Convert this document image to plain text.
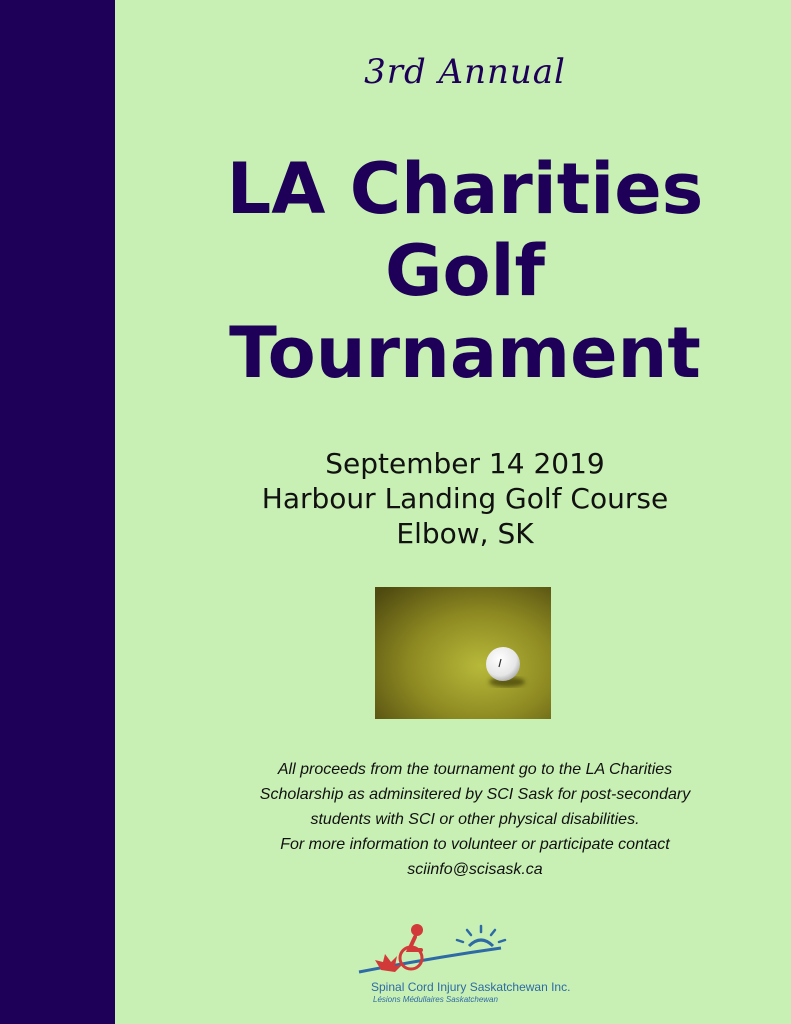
3rd Annual
LA Charities
Golf
Tournament
September 14 2019
Harbour Landing Golf Course
Elbow, SK
All proceeds from the tournament go to the LA Charities
Scholarship as adminsitered by SCI Sask for post-secondary
students with SCI or other physical disabilities.
For more information to volunteer or participate contact
sciinfo@scisask.ca
Spinal Cord Injury Saskatchewan Inc.
Lésions Médullaires Saskatchewan
